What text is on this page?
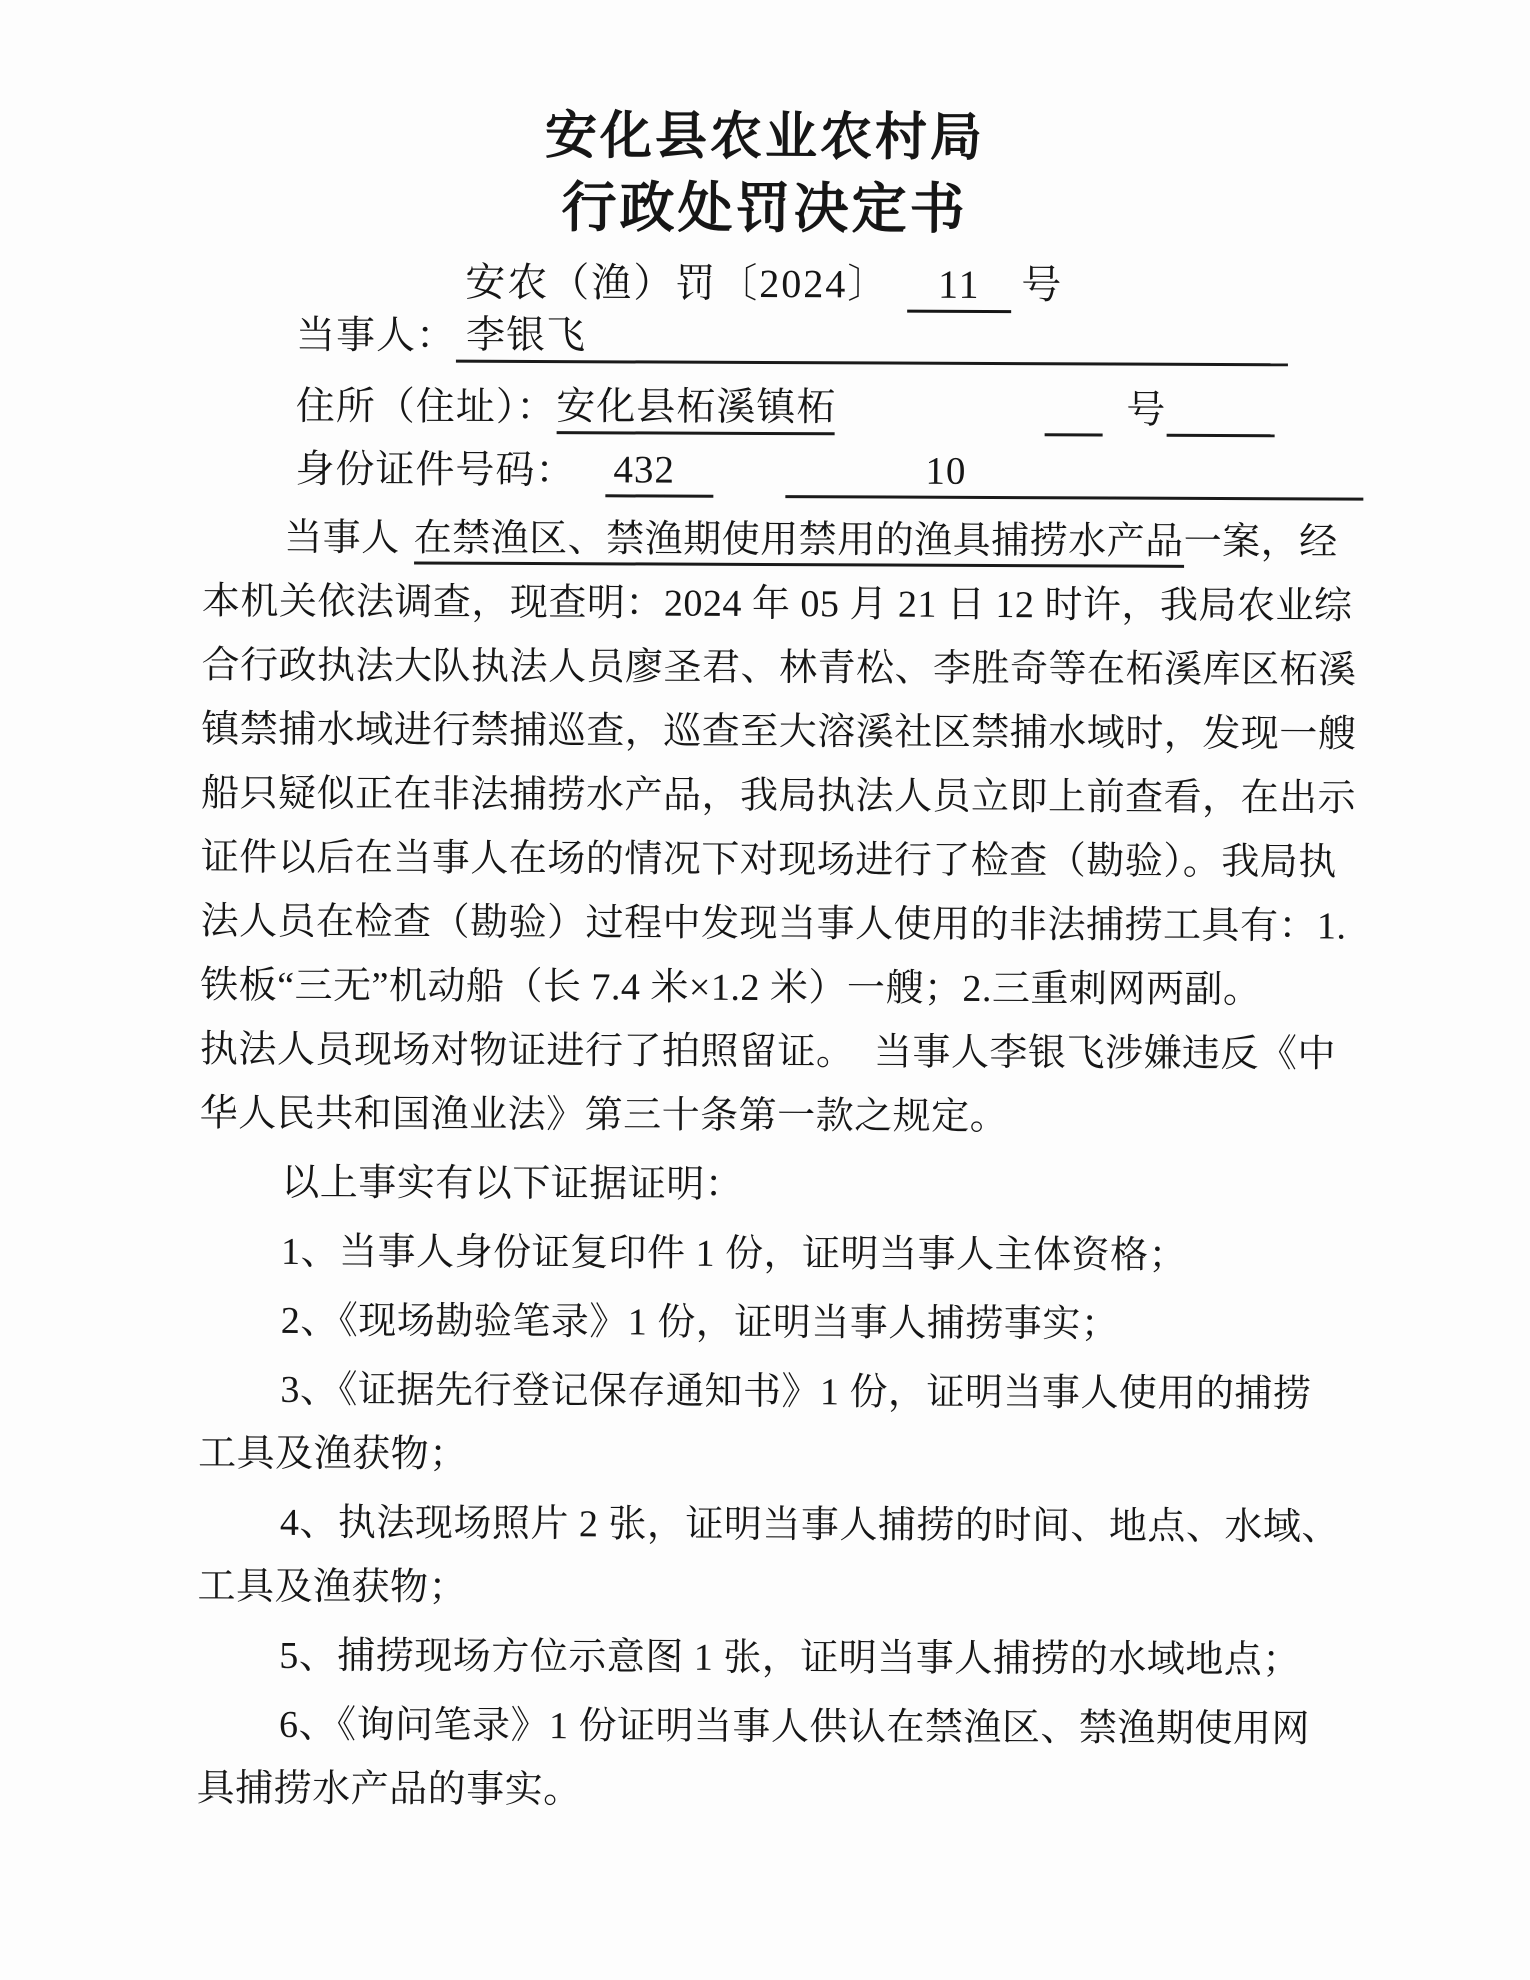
安化县农业农村局
行政处罚决定书
安农（渔）罚〔2024〕 11 号
当事人： 李银飞
住所（住址）：安化县柘溪镇柘	号
身份证件号码： 432	10
当事人 在禁渔区、禁渔期使用禁用的渔具捕捞水产品一案，经
本机关依法调查，现查明：2024 年 05 月 21 日 12 时许，我局农业综
合行政执法大队执法人员廖圣君、林青松、李胜奇等在柘溪库区柘溪
镇禁捕水域进行禁捕巡查，巡查至大溶溪社区禁捕水域时，发现一艘
船只疑似正在非法捕捞水产品，我局执法人员立即上前查看，在出示
证件以后在当事人在场的情况下对现场进行了检查（勘验）。我局执
法人员在检查（勘验）过程中发现当事人使用的非法捕捞工具有：1.
铁板“三无”机动船（长 7.4 米×1.2 米）一艘；2.三重刺网两副。
执法人员现场对物证进行了拍照留证。　当事人李银飞涉嫌违反《中
华人民共和国渔业法》第三十条第一款之规定。
以上事实有以下证据证明：
1、当事人身份证复印件 1 份，证明当事人主体资格；
2、《现场勘验笔录》1 份，证明当事人捕捞事实；
3、《证据先行登记保存通知书》1 份，证明当事人使用的捕捞
工具及渔获物；
4、执法现场照片 2 张，证明当事人捕捞的时间、地点、水域、
工具及渔获物；
5、捕捞现场方位示意图 1 张，证明当事人捕捞的水域地点；
6、《询问笔录》1 份证明当事人供认在禁渔区、禁渔期使用网
具捕捞水产品的事实。
